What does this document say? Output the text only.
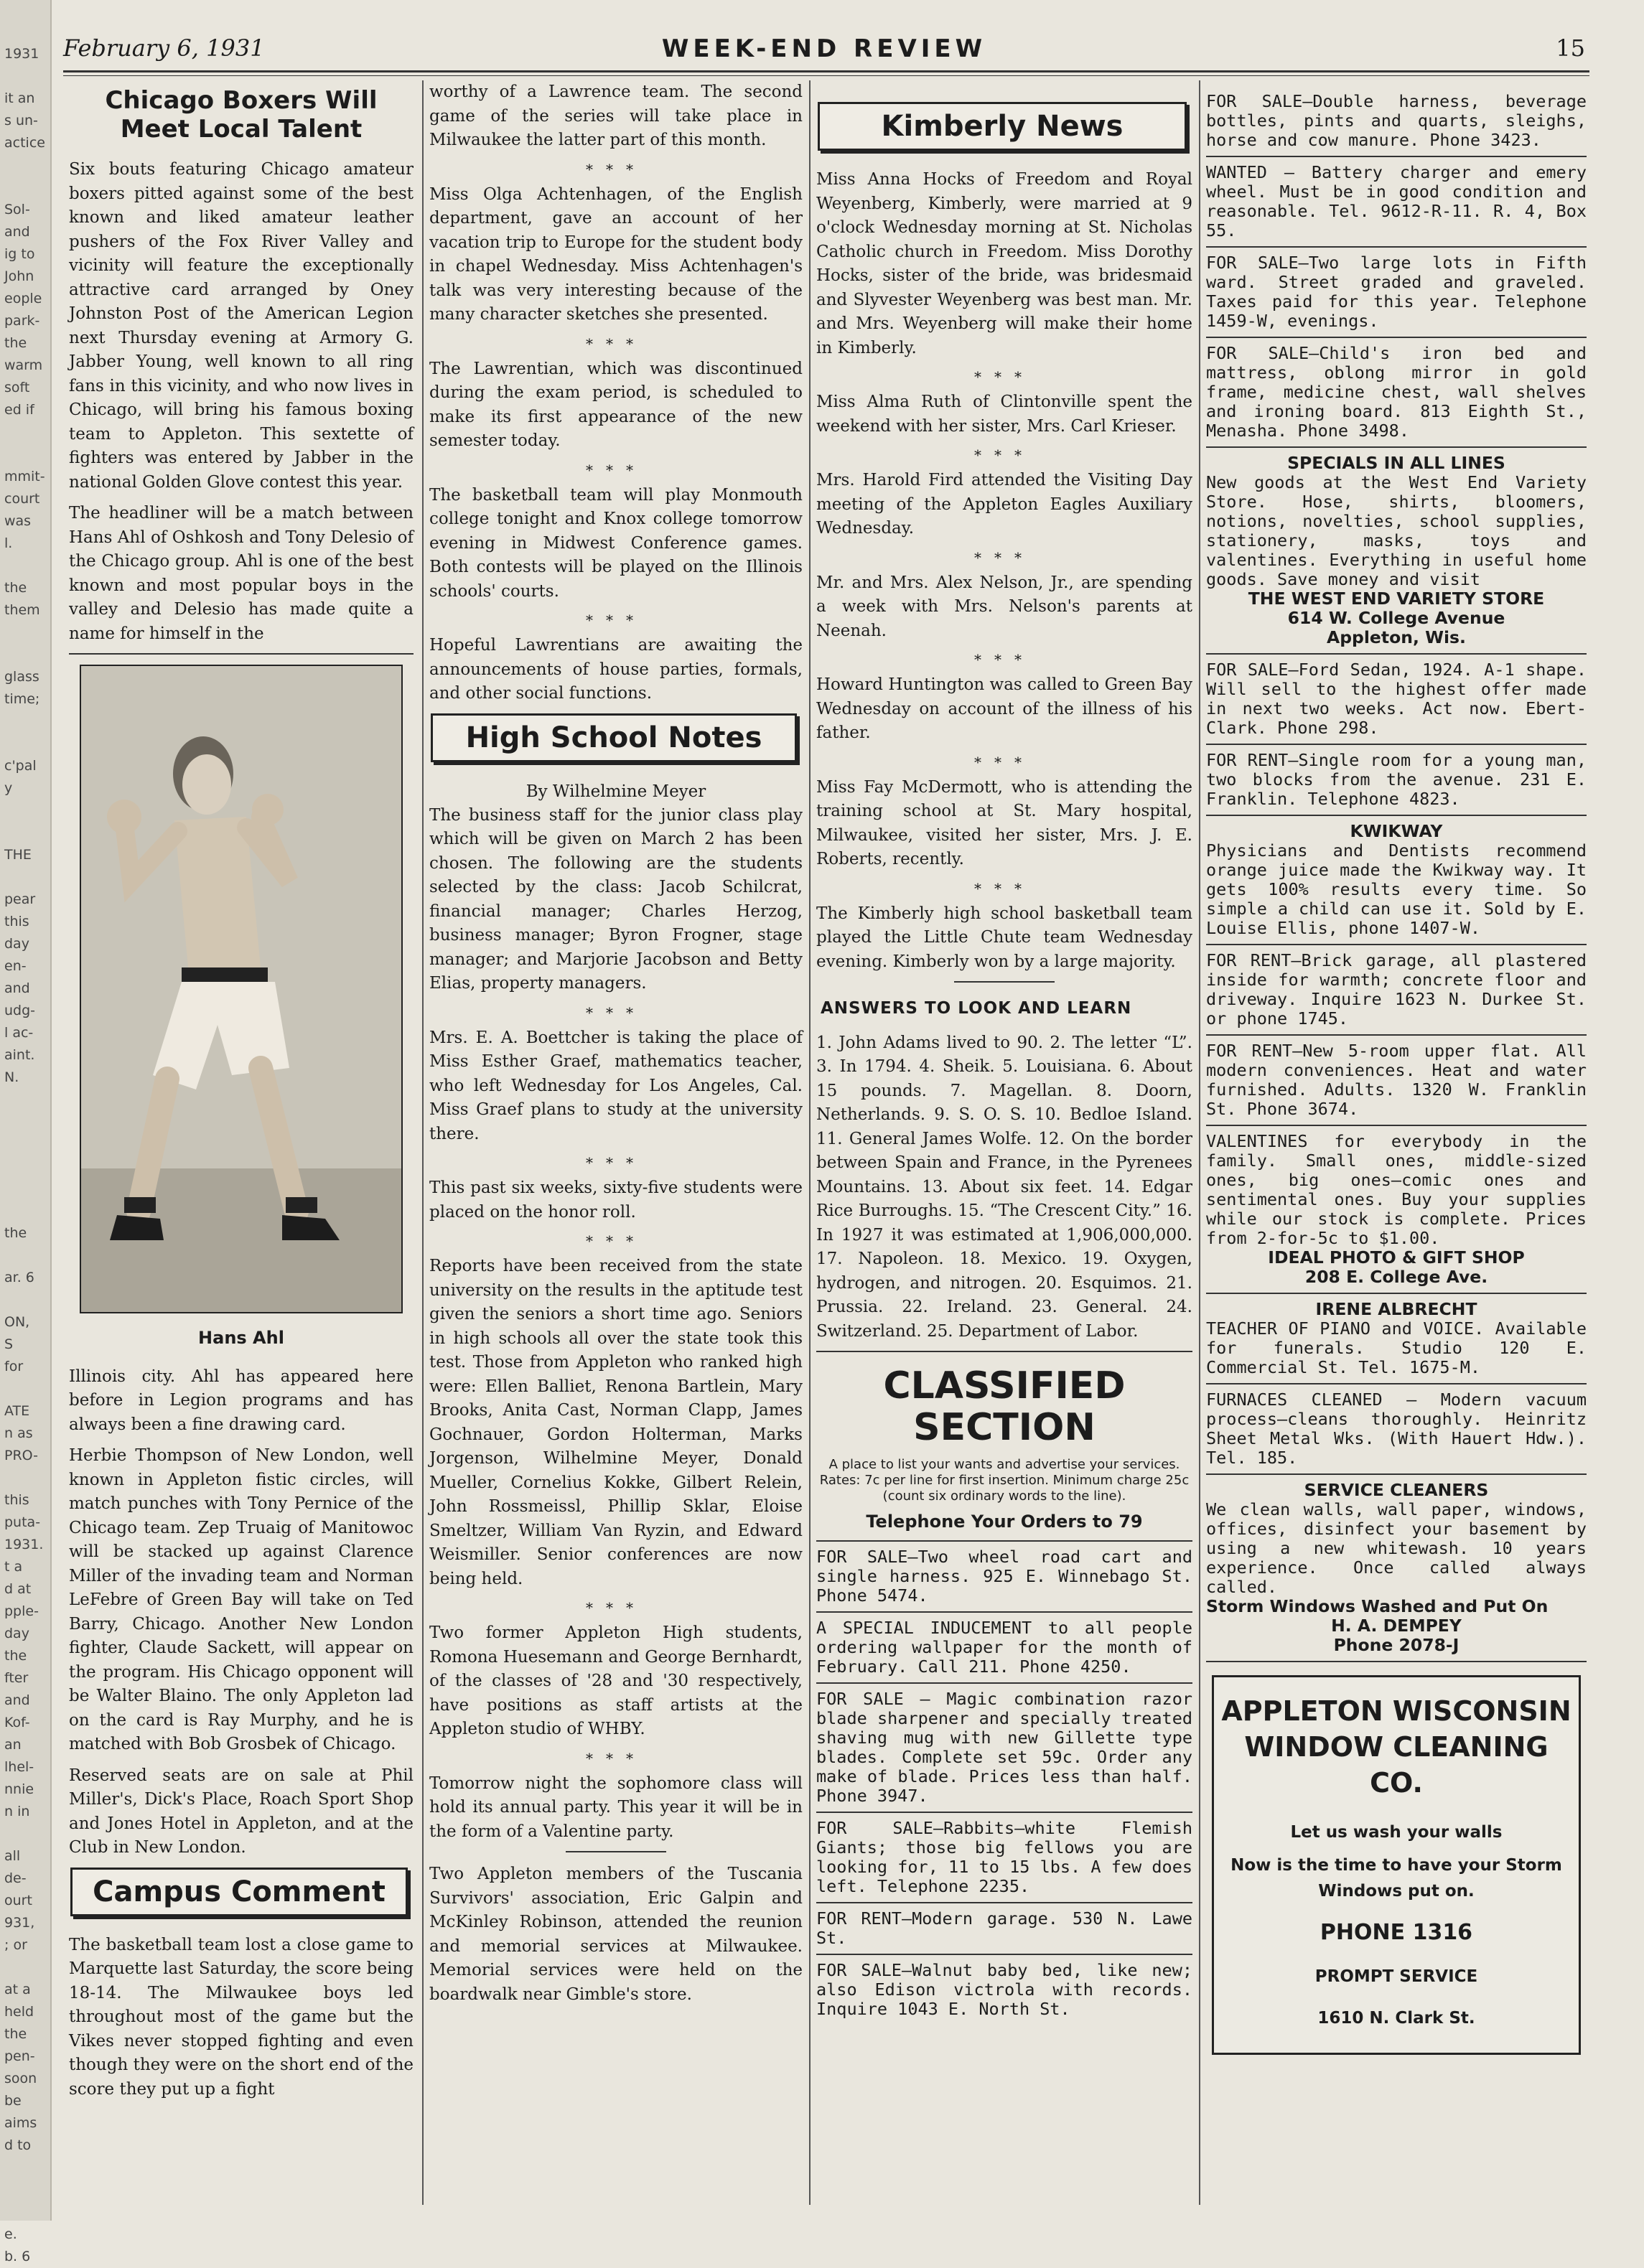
1931

it an
s un-
actice

Sol-
and
ig to
John
eople
park-
the
warm
soft
ed if

mmit-
court
was
l.

the
them

glass
time;

c'pal
y

THE

pear
this
day
en-
and
udg-
l ac-
aint.
N.

the

ar. 6

ON,
S
for

ATE
n as
PRO-

this
puta-
1931.
t a
d at
pple-
day
the
fter
and
Kof-
an
lhel-
nnie
n in

all
de-
ourt
931,
; or

at a
held
the
pen-
soon
be
aims
d to

e.
b. 6
February 6, 1931	WEEK-END REVIEW	15
Chicago Boxers Will Meet Local Talent

Six bouts featuring Chicago amateur boxers pitted against some of the best known and liked amateur leather pushers of the Fox River Valley and vicinity will feature the exceptionally attractive card arranged by Oney Johnston Post of the American Legion next Thursday evening at Armory G. Jabber Young, well known to all ring fans in this vicinity, and who now lives in Chicago, will bring his famous boxing team to Appleton. This sextette of fighters was entered by Jabber in the national Golden Glove contest this year.

The headliner will be a match between Hans Ahl of Oshkosh and Tony Delesio of the Chicago group. Ahl is one of the best known and most popular boys in the valley and Delesio has made quite a name for himself in the

Hans Ahl

Illinois city. Ahl has appeared here before in Legion programs and has always been a fine drawing card.

Herbie Thompson of New London, well known in Appleton fistic circles, will match punches with Tony Pernice of the Chicago team. Zep Truaig of Manitowoc will be stacked up against Clarence Miller of the invading team and Norman LeFebre of Green Bay will take on Ted Barry, Chicago. Another New London fighter, Claude Sackett, will appear on the program. His Chicago opponent will be Walter Blaino. The only Appleton lad on the card is Ray Murphy, and he is matched with Bob Grosbek of Chicago.

Reserved seats are on sale at Phil Miller's, Dick's Place, Roach Sport Shop and Jones Hotel in Appleton, and at the Club in New London.

Campus Comment

The basketball team lost a close game to Marquette last Saturday, the score being 18-14. The Milwaukee boys led throughout most of the game but the Vikes never stopped fighting and even though they were on the short end of the score they put up a fight

worthy of a Lawrence team. The second game of the series will take place in Milwaukee the latter part of this month.

***

Miss Olga Achtenhagen, of the English department, gave an account of her vacation trip to Europe for the student body in chapel Wednesday. Miss Achtenhagen's talk was very interesting because of the many character sketches she presented.

***

The Lawrentian, which was discontinued during the exam period, is scheduled to make its first appearance of the new semester today.

***

The basketball team will play Monmouth college tonight and Knox college tomorrow evening in Midwest Conference games. Both contests will be played on the Illinois schools' courts.

***

Hopeful Lawrentians are awaiting the announcements of house parties, formals, and other social functions.

High School Notes
By Wilhelmine Meyer

The business staff for the junior class play which will be given on March 2 has been chosen. The following are the students selected by the class: Jacob Schilcrat, financial manager; Charles Herzog, business manager; Byron Frogner, stage manager; and Marjorie Jacobson and Betty Elias, property managers.

***

Mrs. E. A. Boettcher is taking the place of Miss Esther Graef, mathematics teacher, who left Wednesday for Los Angeles, Cal. Miss Graef plans to study at the university there.

***

This past six weeks, sixty-five students were placed on the honor roll.

***

Reports have been received from the state university on the results in the aptitude test given the seniors a short time ago. Seniors in high schools all over the state took this test. Those from Appleton who ranked high were: Ellen Balliet, Renona Bartlein, Mary Brooks, Anita Cast, Norman Clapp, James Gochnauer, Gordon Holterman, Marks Jorgenson, Wilhelmine Meyer, Donald Mueller, Cornelius Kokke, Gilbert Relein, John Rossmeissl, Phillip Sklar, Eloise Smeltzer, William Van Ryzin, and Edward Weismiller. Senior conferences are now being held.

***

Two former Appleton High students, Romona Huesemann and George Bernhardt, of the classes of '28 and '30 respectively, have positions as staff artists at the Appleton studio of WHBY.

***

Tomorrow night the sophomore class will hold its annual party. This year it will be in the form of a Valentine party.

Two Appleton members of the Tuscania Survivors' association, Eric Galpin and McKinley Robinson, attended the reunion and memorial services at Milwaukee. Memorial services were held on the boardwalk near Gimble's store.

Kimberly News

Miss Anna Hocks of Freedom and Royal Weyenberg, Kimberly, were married at 9 o'clock Wednesday morning at St. Nicholas Catholic church in Freedom. Miss Dorothy Hocks, sister of the bride, was bridesmaid and Slyvester Weyenberg was best man. Mr. and Mrs. Weyenberg will make their home in Kimberly.

***

Miss Alma Ruth of Clintonville spent the weekend with her sister, Mrs. Carl Krieser.

***

Mrs. Harold Fird attended the Visiting Day meeting of the Appleton Eagles Auxiliary Wednesday.

***

Mr. and Mrs. Alex Nelson, Jr., are spending a week with Mrs. Nelson's parents at Neenah.

***

Howard Huntington was called to Green Bay Wednesday on account of the illness of his father.

***

Miss Fay McDermott, who is attending the training school at St. Mary hospital, Milwaukee, visited her sister, Mrs. J. E. Roberts, recently.

***

The Kimberly high school basketball team played the Little Chute team Wednesday evening. Kimberly won by a large majority.

ANSWERS TO LOOK AND LEARN

1. John Adams lived to 90. 2. The letter “L”. 3. In 1794. 4. Sheik. 5. Louisiana. 6. About 15 pounds. 7. Magellan. 8. Doorn, Netherlands. 9. S. O. S. 10. Bedloe Island. 11. General James Wolfe. 12. On the border between Spain and France, in the Pyrenees Mountains. 13. About six feet. 14. Edgar Rice Burroughs. 15. “The Crescent City.” 16. In 1927 it was estimated at 1,906,000,000. 17. Napoleon. 18. Mexico. 19. Oxygen, hydrogen, and nitrogen. 20. Esquimos. 21. Prussia. 22. Ireland. 23. General. 24. Switzerland. 25. Department of Labor.

CLASSIFIED SECTION
A place to list your wants and advertise your services. Rates: 7c per line for first insertion. Minimum charge 25c (count six ordinary words to the line).
Telephone Your Orders to 79

FOR SALE—Two wheel road cart and single harness. 925 E. Winnebago St. Phone 5474.

A SPECIAL INDUCEMENT to all people ordering wallpaper for the month of February. Call 211. Phone 4250.

FOR SALE — Magic combination razor blade sharpener and specially treated shaving mug with new Gillette type blades. Complete set 59c. Order any make of blade. Prices less than half. Phone 3947.

FOR SALE—Rabbits—white Flemish Giants; those big fellows you are looking for, 11 to 15 lbs. A few does left. Telephone 2235.

FOR RENT—Modern garage. 530 N. Lawe St.

FOR SALE—Walnut baby bed, like new; also Edison victrola with records. Inquire 1043 E. North St.

FOR SALE—Double harness, beverage bottles, pints and quarts, sleighs, horse and cow manure. Phone 3423.

WANTED — Battery charger and emery wheel. Must be in good condition and reasonable. Tel. 9612-R-11. R. 4, Box 55.

FOR SALE—Two large lots in Fifth ward. Street graded and graveled. Taxes paid for this year. Telephone 1459-W, evenings.

FOR SALE—Child's iron bed and mattress, oblong mirror in gold frame, medicine chest, wall shelves and ironing board. 813 Eighth St., Menasha. Phone 3498.

SPECIALS IN ALL LINES

New goods at the West End Variety Store. Hose, shirts, bloomers, notions, novelties, school supplies, stationery, masks, toys and valentines. Everything in useful home goods. Save money and visit

THE WEST END VARIETY STORE

614 W. College Avenue

Appleton, Wis.

FOR SALE—Ford Sedan, 1924. A-1 shape. Will sell to the highest offer made in next two weeks. Act now. Ebert-Clark. Phone 298.

FOR RENT—Single room for a young man, two blocks from the avenue. 231 E. Franklin. Telephone 4823.

KWIKWAY

Physicians and Dentists recommend orange juice made the Kwikway way. It gets 100% results every time. So simple a child can use it. Sold by E. Louise Ellis, phone 1407-W.

FOR RENT—Brick garage, all plastered inside for warmth; concrete floor and driveway. Inquire 1623 N. Durkee St. or phone 1745.

FOR RENT—New 5-room upper flat. All modern conveniences. Heat and water furnished. Adults. 1320 W. Franklin St. Phone 3674.

VALENTINES for everybody in the family. Small ones, middle-sized ones, big ones—comic ones and sentimental ones. Buy your supplies while our stock is complete. Prices from 2-for-5c to $1.00.

IDEAL PHOTO & GIFT SHOP

208 E. College Ave.

IRENE ALBRECHT

TEACHER OF PIANO and VOICE. Available for funerals. Studio 120 E. Commercial St. Tel. 1675-M.

FURNACES CLEANED — Modern vacuum process—cleans thoroughly. Heinritz Sheet Metal Wks. (With Hauert Hdw.). Tel. 185.

SERVICE CLEANERS

We clean walls, wall paper, windows, offices, disinfect your basement by using a new whitewash. 10 years experience. Once called always called.

Storm Windows Washed and Put On

H. A. DEMPEY

Phone 2078-J

APPLETON WISCONSIN WINDOW CLEANING CO.
Let us wash your walls
Now is the time to have your Storm Windows put on.
PHONE 1316
PROMPT SERVICE
1610 N. Clark St.
